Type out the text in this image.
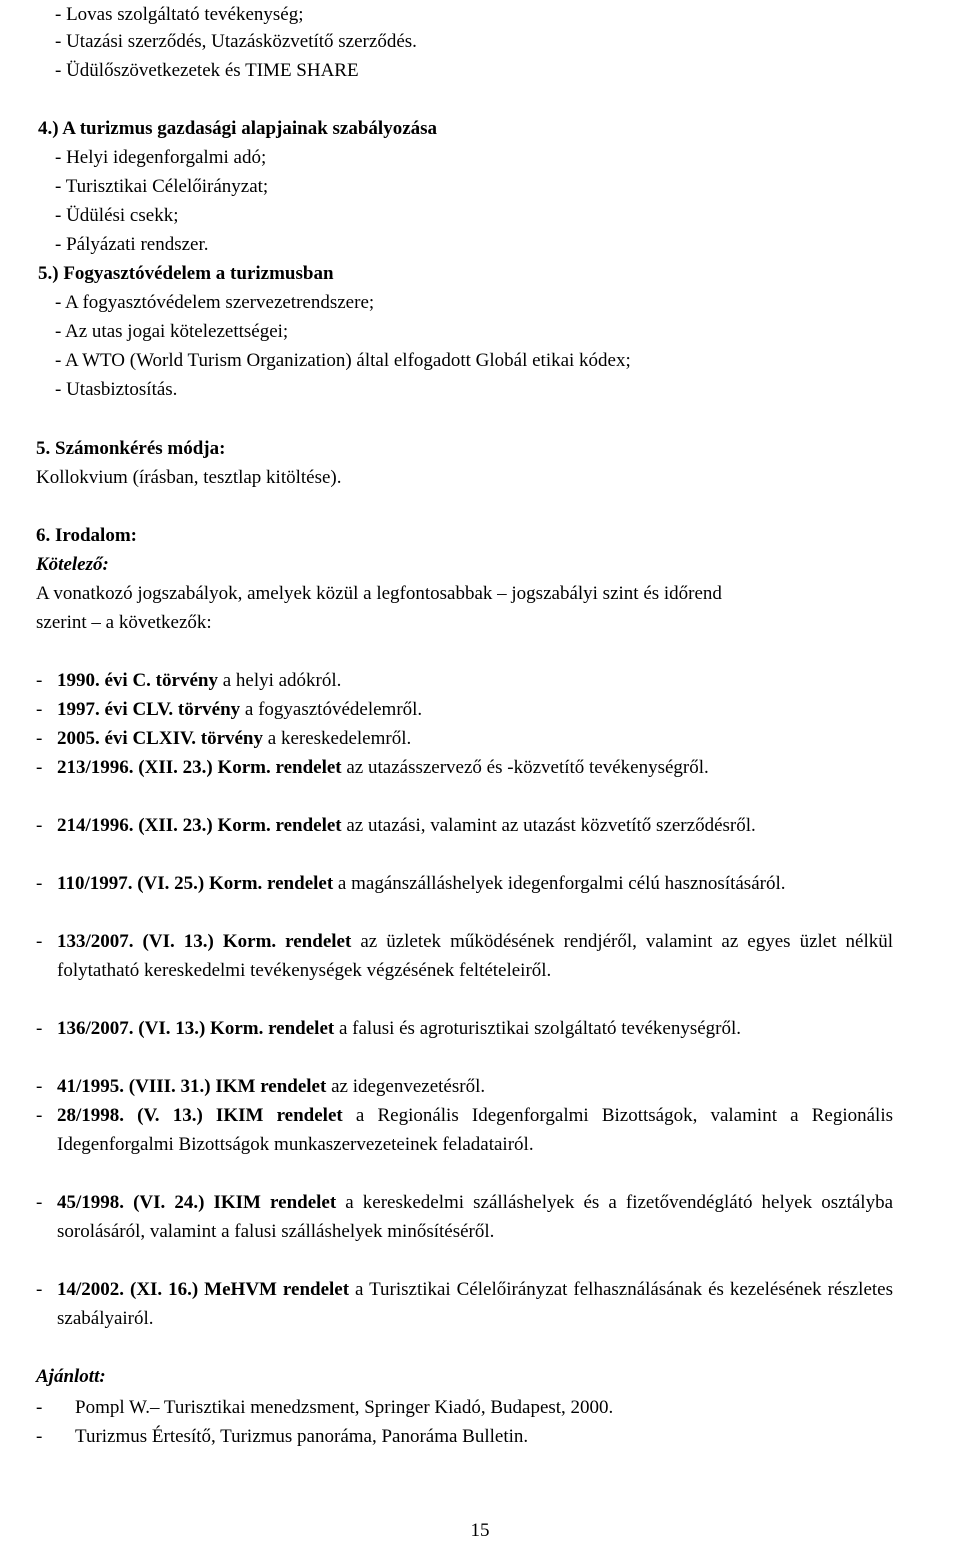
- Lovas szolgáltató tevékenység;
- Utazási szerződés, Utazásközvetítő szerződés.
- Üdülőszövetkezetek és TIME SHARE
4.) A turizmus gazdasági alapjainak szabályozása
- Helyi idegenforgalmi adó;
- Turisztikai Célelőirányzat;
- Üdülési csekk;
- Pályázati rendszer.
5.) Fogyasztóvédelem a turizmusban
- A fogyasztóvédelem szervezetrendszere;
- Az utas jogai kötelezettségei;
- A WTO (World Turism Organization) által elfogadott Globál etikai kódex;
- Utasbiztosítás.
5. Számonkérés módja:
Kollokvium (írásban, tesztlap kitöltése).
6. Irodalom:
Kötelező:
A vonatkozó jogszabályok, amelyek közül a legfontosabbak – jogszabályi szint és időrend
szerint – a következők:
- 1990. évi C. törvény a helyi adókról.
- 1997. évi CLV. törvény a fogyasztóvédelemről.
- 2005. évi CLXIV. törvény a kereskedelemről.
- 213/1996. (XII. 23.) Korm. rendelet az utazásszervező és -közvetítő tevékenységről.
- 214/1996. (XII. 23.) Korm. rendelet az utazási, valamint az utazást közvetítő szerződésről.
- 110/1997. (VI. 25.) Korm. rendelet a magánszálláshelyek idegenforgalmi célú hasznosításáról.
- 133/2007. (VI. 13.) Korm. rendelet az üzletek működésének rendjéről, valamint az egyes üzlet nélkül folytatható kereskedelmi tevékenységek végzésének feltételeiről.
- 136/2007. (VI. 13.) Korm. rendelet a falusi és agroturisztikai szolgáltató tevékenységről.
- 41/1995. (VIII. 31.) IKM rendelet az idegenvezetésről.
- 28/1998. (V. 13.) IKIM rendelet a Regionális Idegenforgalmi Bizottságok, valamint a Regionális Idegenforgalmi Bizottságok munkaszervezeteinek feladatairól.
- 45/1998. (VI. 24.) IKIM rendelet a kereskedelmi szálláshelyek és a fizetővendéglátó helyek osztályba sorolásáról, valamint a falusi szálláshelyek minősítéséről.
- 14/2002. (XI. 16.) MeHVM rendelet a Turisztikai Célelőirányzat felhasználásának és kezelésének részletes szabályairól.
Ajánlott:
- Pompl W.– Turisztikai menedzsment, Springer Kiadó, Budapest, 2000.
- Turizmus Értesítő, Turizmus panoráma, Panoráma Bulletin.
15
